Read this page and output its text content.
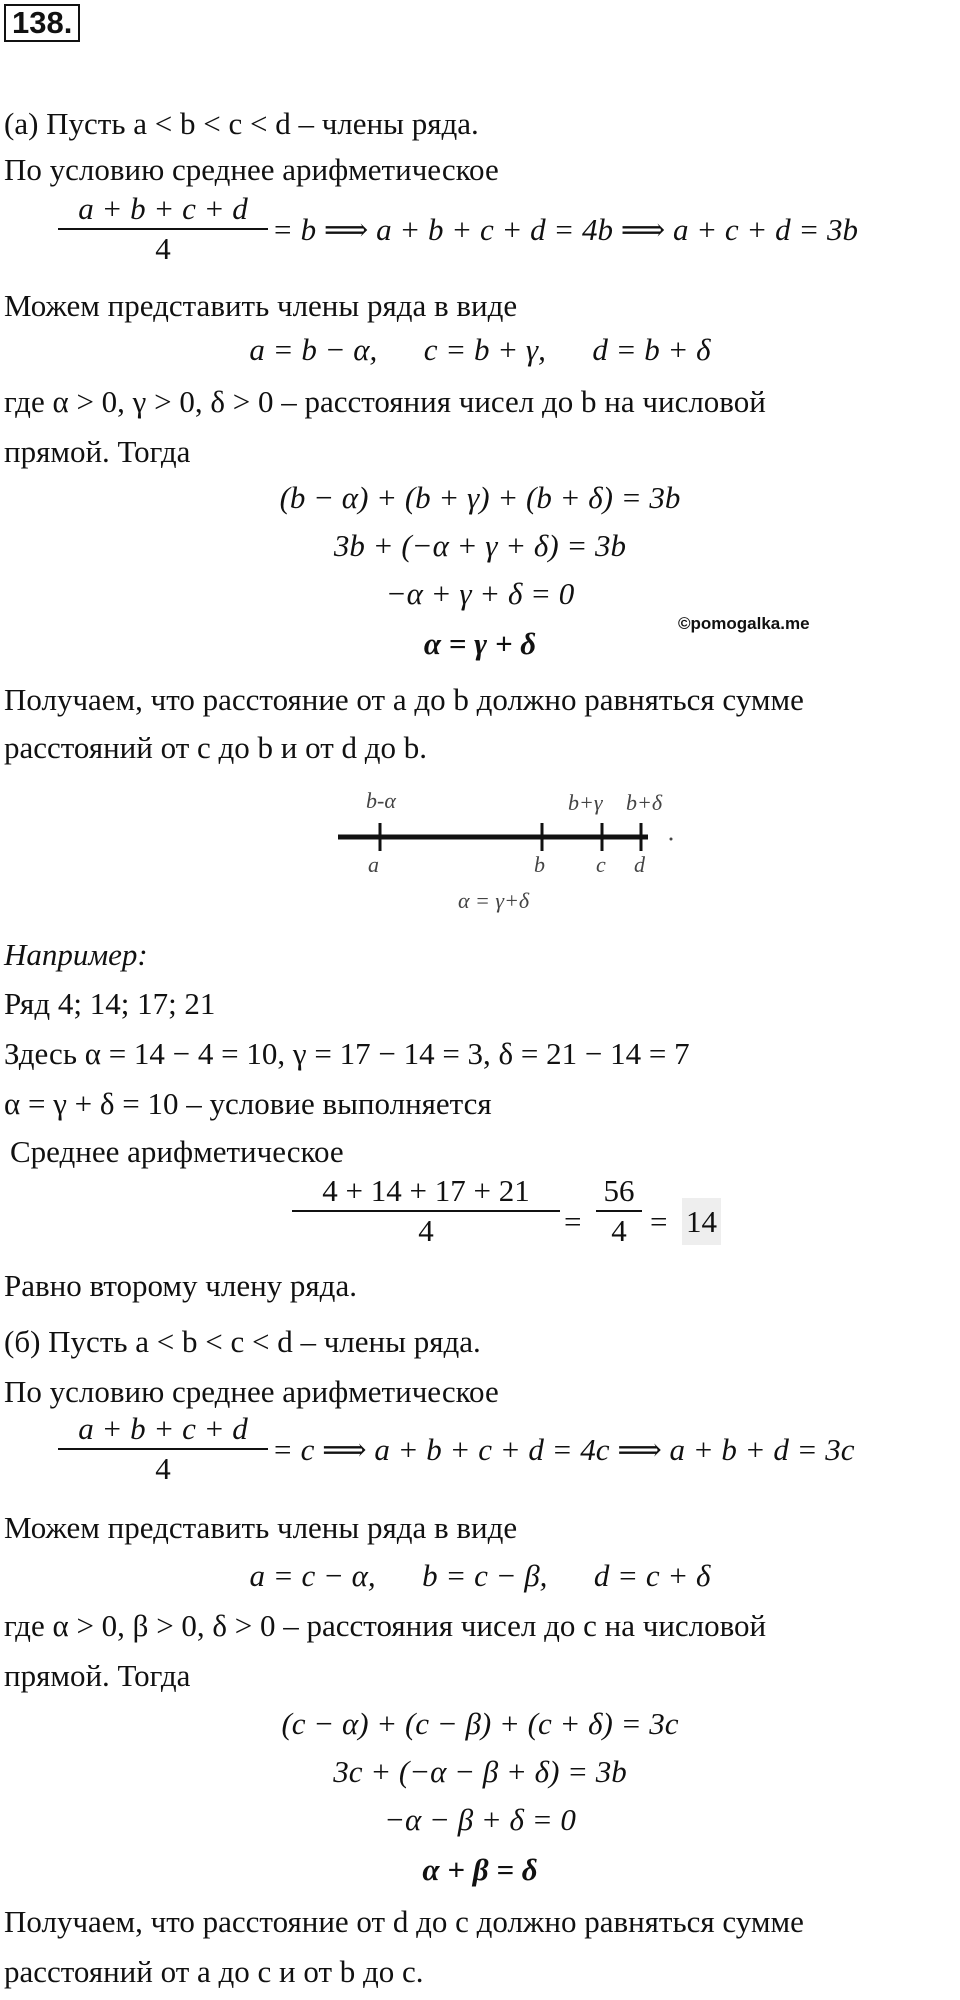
138.
(а) Пусть a < b < c < d – члены ряда.
По условию среднее арифметическое
a + b + c + d
4
= b ⟹ a + b + c + d = 4b ⟹ a + c + d = 3b
Можем представить члены ряда в виде
a = b − α,      c = b + γ,      d = b + δ
где α > 0, γ > 0, δ > 0 – расстояния чисел до b на числовой
прямой. Тогда
(b − α) + (b + γ) + (b + δ) = 3b
3b + (−α + γ + δ) = 3b
−α + γ + δ = 0
α = γ + δ
©pomogalka.me
Получаем, что расстояние от a до b должно равняться сумме
расстояний от c до b и от d до b.
b-α	b+γ b+δ
a	b c d
α = γ+δ
Например:
Ряд 4; 14; 17; 21
Здесь α = 14 − 4 = 10, γ = 17 − 14 = 3, δ = 21 − 14 = 7
α = γ + δ = 10 – условие выполняется
Среднее арифметическое
4 + 14 + 17 + 21
4	=
56
4 = 14
Равно второму члену ряда.
(б) Пусть a < b < c < d – члены ряда.
По условию среднее арифметическое
a + b + c + d
4
= c ⟹ a + b + c + d = 4c ⟹ a + b + d = 3c
Можем представить члены ряда в виде
a = c − α,      b = c − β,      d = c + δ
где α > 0, β > 0, δ > 0 – расстояния чисел до c на числовой
прямой. Тогда
(c − α) + (c − β) + (c + δ) = 3c
3c + (−α − β + δ) = 3b
−α − β + δ = 0
α + β = δ
Получаем, что расстояние от d до c должно равняться сумме
расстояний от a до c и от b до c.
